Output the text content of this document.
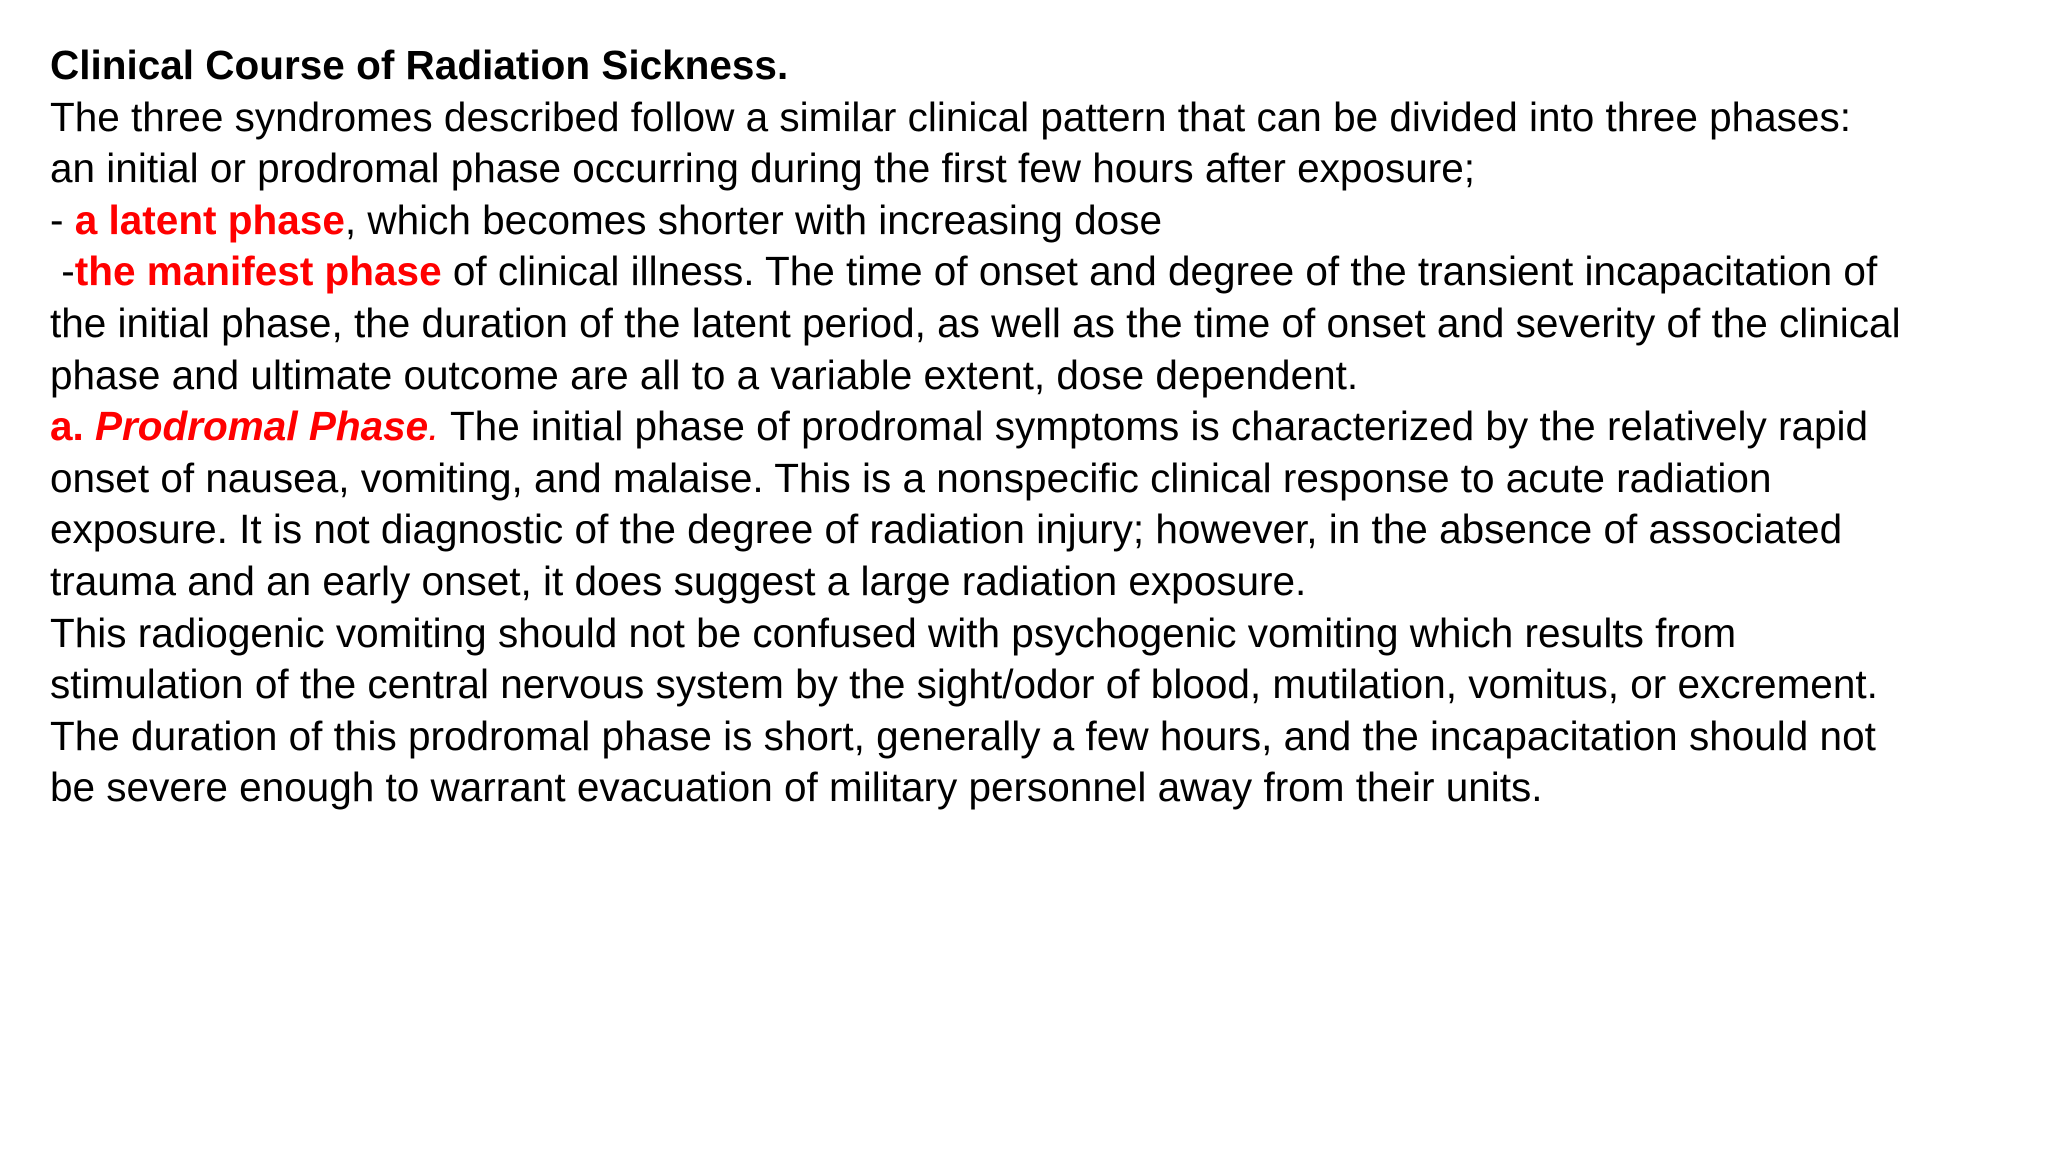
Clinical Course of Radiation Sickness.
The three syndromes described follow a similar clinical pattern that can be divided into three phases:
an initial or prodromal phase occurring during the first few hours after exposure;
- a latent phase, which becomes shorter with increasing dose
-the manifest phase of clinical illness. The time of onset and degree of the transient incapacitation of
the initial phase, the duration of the latent period, as well as the time of onset and severity of the clinical
phase and ultimate outcome are all to a variable extent, dose dependent.
a. Prodromal Phase. The initial phase of prodromal symptoms is characterized by the relatively rapid
onset of nausea, vomiting, and malaise. This is a nonspecific clinical response to acute radiation
exposure. It is not diagnostic of the degree of radiation injury; however, in the absence of associated
trauma and an early onset, it does suggest a large radiation exposure.
This radiogenic vomiting should not be confused with psychogenic vomiting which results from
stimulation of the central nervous system by the sight/odor of blood, mutilation, vomitus, or excrement.
The duration of this prodromal phase is short, generally a few hours, and the incapacitation should not
be severe enough to warrant evacuation of military personnel away from their units.
